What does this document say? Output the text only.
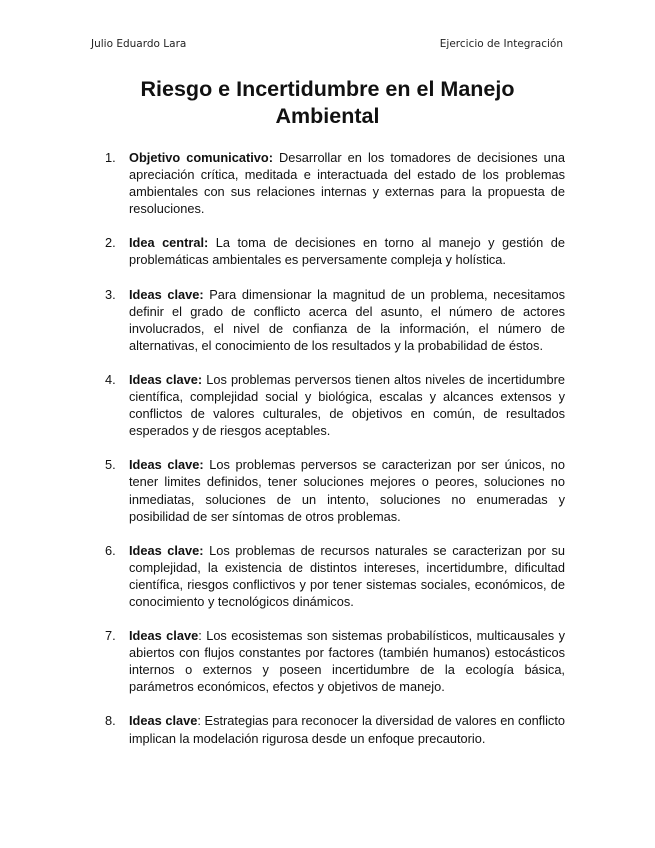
Julio Eduardo Lara	Ejercicio de Integración
Riesgo e Incertidumbre en el Manejo Ambiental
1.	Objetivo comunicativo: Desarrollar en los tomadores de decisiones una apreciación crítica, meditada e interactuada del estado de los problemas ambientales con sus relaciones internas y externas para la propuesta de resoluciones.
2.	Idea central: La toma de decisiones en torno al manejo y gestión de problemáticas ambientales es perversamente compleja y holística.
3.	Ideas clave: Para dimensionar la magnitud de un problema, necesitamos definir el grado de conflicto acerca del asunto, el número de actores involucrados, el nivel de confianza de la información, el número de alternativas, el conocimiento de los resultados y la probabilidad de éstos.
4.	Ideas clave: Los problemas perversos tienen altos niveles de incertidumbre científica, complejidad social y biológica, escalas y alcances extensos y conflictos de valores culturales, de objetivos en común, de resultados esperados y de riesgos aceptables.
5.	Ideas clave: Los problemas perversos se caracterizan por ser únicos, no tener limites definidos, tener soluciones mejores o peores, soluciones no inmediatas, soluciones de un intento, soluciones no enumeradas y posibilidad de ser síntomas de otros problemas.
6.	Ideas clave: Los problemas de recursos naturales se caracterizan por su complejidad, la existencia de distintos intereses, incertidumbre, dificultad científica, riesgos conflictivos y por tener sistemas sociales, económicos, de conocimiento y tecnológicos dinámicos.
7.	Ideas clave: Los ecosistemas son sistemas probabilísticos, multicausales y abiertos con flujos constantes por factores (también humanos) estocásticos internos o externos y poseen incertidumbre de la ecología básica, parámetros económicos, efectos y objetivos de manejo.
8.	Ideas clave: Estrategias para reconocer la diversidad de valores en conflicto implican la modelación rigurosa desde un enfoque precautorio.
